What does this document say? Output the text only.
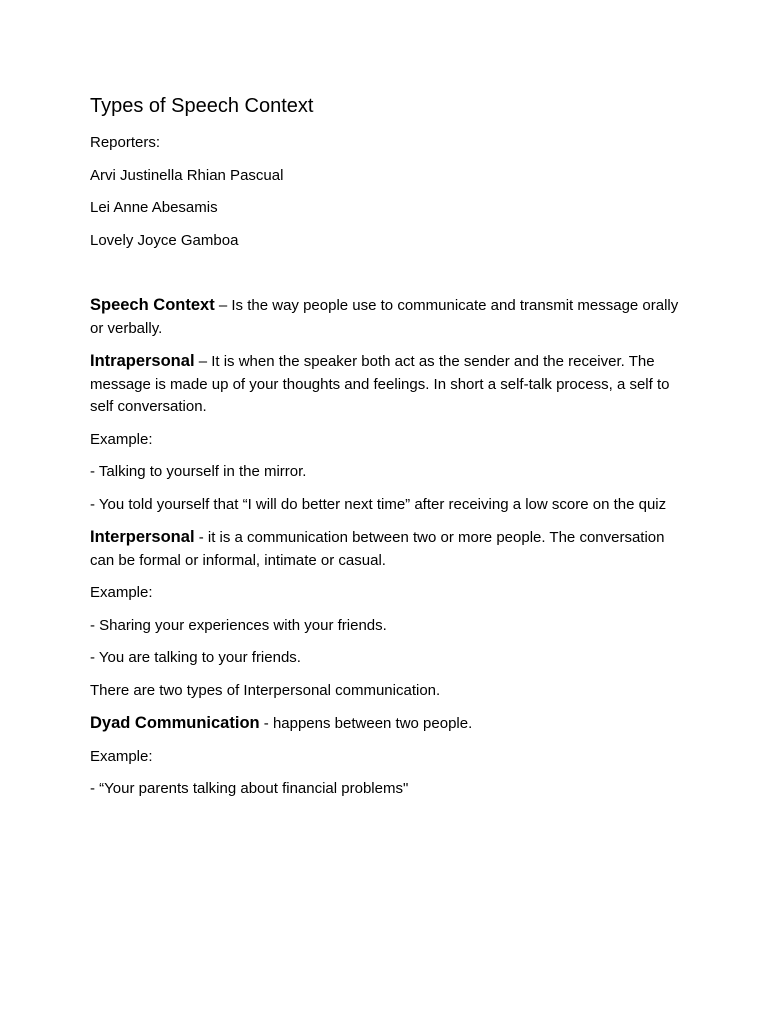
Types of Speech Context

Reporters:

Arvi Justinella Rhian Pascual

Lei Anne Abesamis

Lovely Joyce Gamboa

Speech Context – Is the way people use to communicate and transmit message orally or verbally.

Intrapersonal – It is when the speaker both act as the sender and the receiver. The message is made up of your thoughts and feelings. In short a self-talk process, a self to self conversation.

Example:

- Talking to yourself in the mirror.

- You told yourself that “I will do better next time” after receiving a low score on the quiz

Interpersonal - it is a communication between two or more people. The conversation can be formal or informal, intimate or casual.

Example:

- Sharing your experiences with your friends.

- You are talking to your friends.

There are two types of Interpersonal communication.

Dyad Communication - happens between two people.

Example:

- “Your parents talking about financial problems"
